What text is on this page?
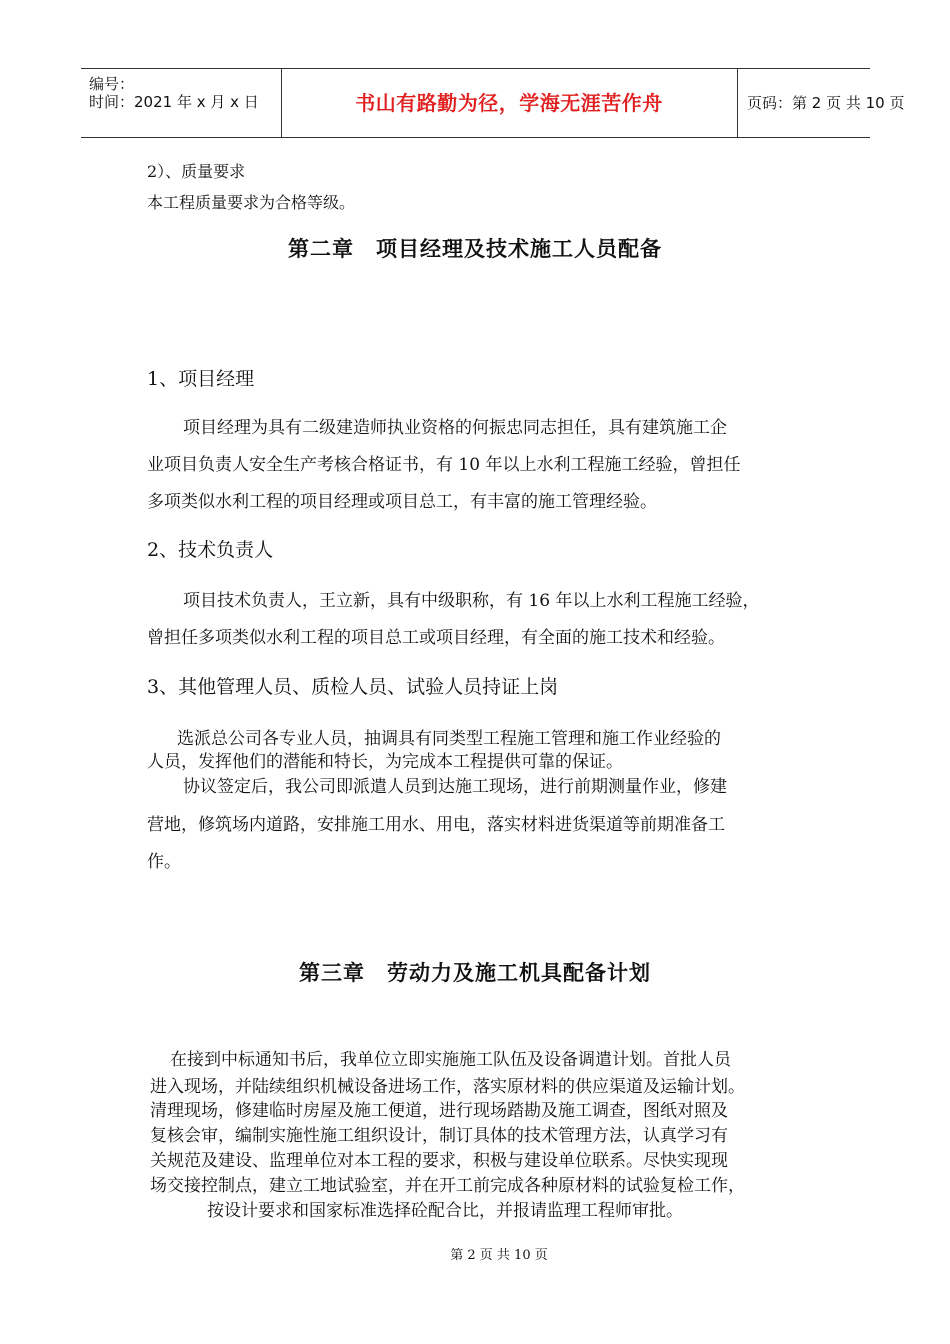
编号：
时间：2021 年 x 月 x 日	书山有路勤为径，学海无涯苦作舟	页码：第 2 页 共 10 页
2）、质量要求
本工程质量要求为合格等级。
第二章　项目经理及技术施工人员配备
1、项目经理
项目经理为具有二级建造师执业资格的何振忠同志担任，具有建筑施工企
业项目负责人安全生产考核合格证书，有 10 年以上水利工程施工经验，曾担任
多项类似水利工程的项目经理或项目总工，有丰富的施工管理经验。
2、技术负责人
项目技术负责人，王立新，具有中级职称，有 16 年以上水利工程施工经验，
曾担任多项类似水利工程的项目总工或项目经理，有全面的施工技术和经验。
3、其他管理人员、质检人员、试验人员持证上岗
选派总公司各专业人员，抽调具有同类型工程施工管理和施工作业经验的
人员，发挥他们的潜能和特长，为完成本工程提供可靠的保证。
协议签定后，我公司即派遣人员到达施工现场，进行前期测量作业，修建
营地，修筑场内道路，安排施工用水、用电，落实材料进货渠道等前期准备工
作。
第三章　劳动力及施工机具配备计划
在接到中标通知书后，我单位立即实施施工队伍及设备调遣计划。首批人员
进入现场，并陆续组织机械设备进场工作，落实原材料的供应渠道及运输计划。
清理现场，修建临时房屋及施工便道，进行现场踏勘及施工调查，图纸对照及
复核会审，编制实施性施工组织设计，制订具体的技术管理方法，认真学习有
关规范及建设、监理单位对本工程的要求，积极与建设单位联系。尽快实现现
场交接控制点，建立工地试验室，并在开工前完成各种原材料的试验复检工作，
按设计要求和国家标准选择砼配合比，并报请监理工程师审批。
第 2 页 共 10 页
